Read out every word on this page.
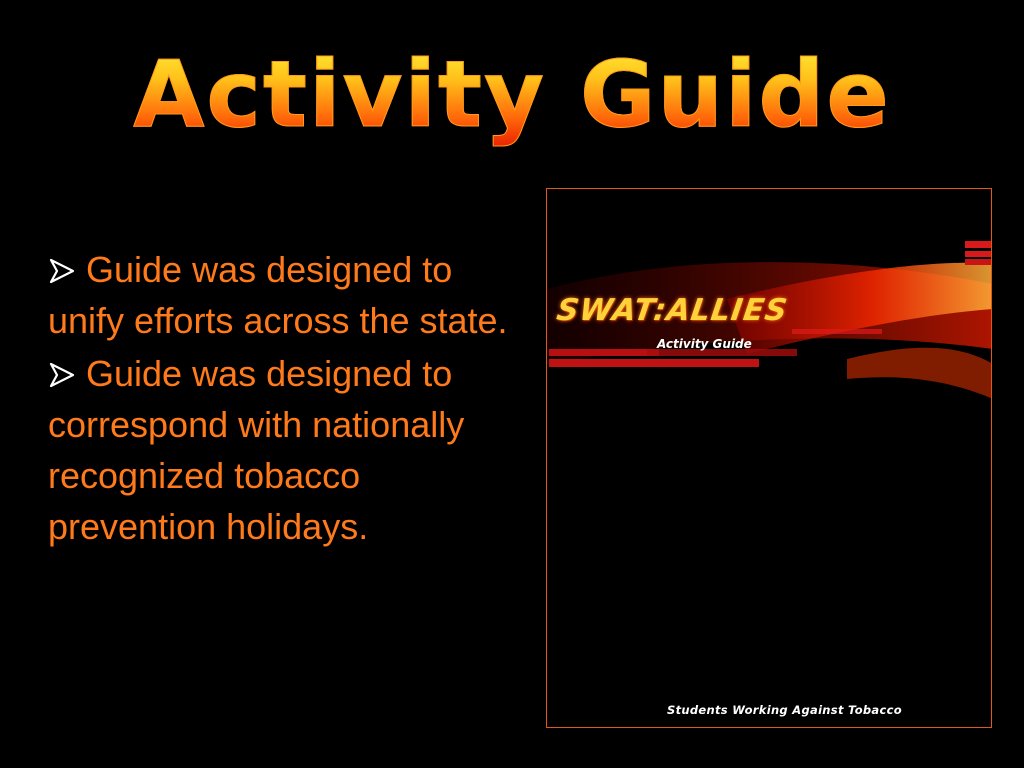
Activity Guide
Guide was designed to unify efforts across the state.
Guide was designed to correspond with nationally recognized tobacco prevention holidays.
SWAT:ALLIES
Activity Guide
Students Working Against Tobacco
